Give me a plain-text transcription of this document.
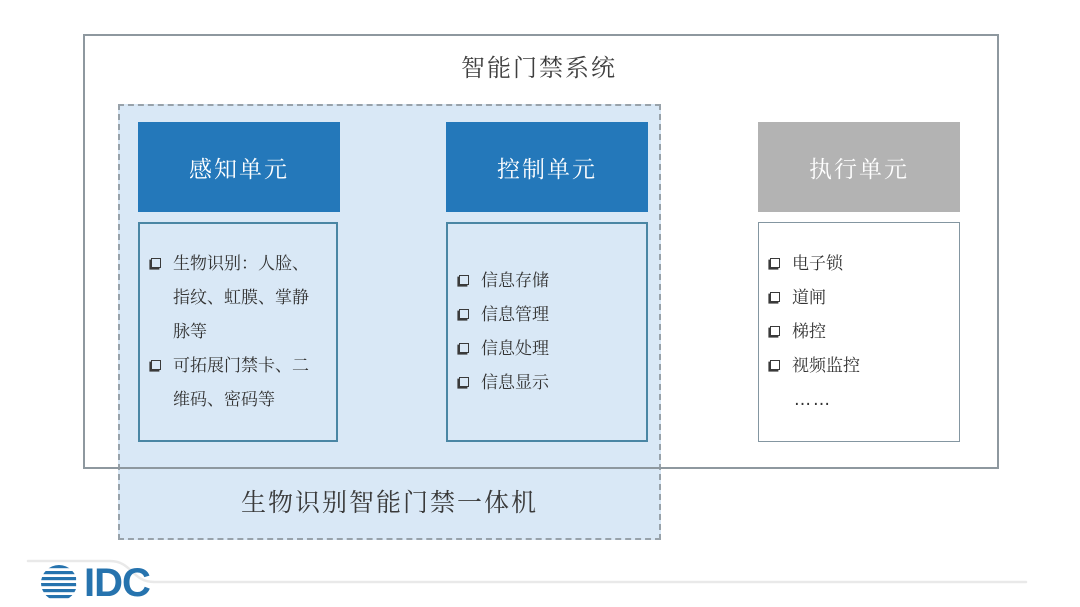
智能门禁系统
感知单元
生物识别：人脸、指纹、虹膜、掌静脉等
可拓展门禁卡、二维码、密码等
控制单元
信息存储
信息管理
信息处理
信息显示
执行单元
电子锁
道闸
梯控
视频监控
……
生物识别智能门禁一体机
IDC
